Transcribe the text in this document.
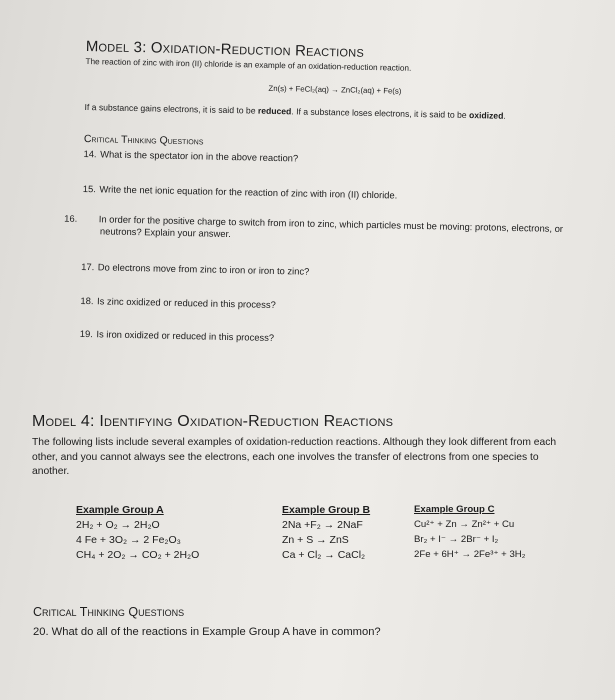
Model 3: Oxidation-Reduction Reactions
The reaction of zinc with iron (II) chloride is an example of an oxidation-reduction reaction.
Zn(s) + FeCl₂(aq) → ZnCl₂(aq) + Fe(s)
If a substance gains electrons, it is said to be reduced. If a substance loses electrons, it is said to be oxidized.
Critical Thinking Questions
14. What is the spectator ion in the above reaction?
15. Write the net ionic equation for the reaction of zinc with iron (II) chloride.
16. In order for the positive charge to switch from iron to zinc, which particles must be moving: protons, electrons, or neutrons? Explain your answer.
17. Do electrons move from zinc to iron or iron to zinc?
18. Is zinc oxidized or reduced in this process?
19. Is iron oxidized or reduced in this process?
Model 4: Identifying Oxidation-Reduction Reactions
The following lists include several examples of oxidation-reduction reactions. Although they look different from each other, and you cannot always see the electrons, each one involves the transfer of electrons from one species to another.
Example Group A
2H₂ + O₂ → 2H₂O
4 Fe + 3O₂ → 2 Fe₂O₃
CH₄ + 2O₂ → CO₂ + 2H₂O
Example Group B
2Na +F₂ → 2NaF
Zn + S → ZnS
Ca + Cl₂ → CaCl₂
Example Group C
Cu²⁺ + Zn → Zn²⁺ + Cu
Br₂ + I⁻ → 2Br⁻ + I₂
2Fe + 6H⁺ → 2Fe³⁺ + 3H₂
Critical Thinking Questions
20. What do all of the reactions in Example Group A have in common?
